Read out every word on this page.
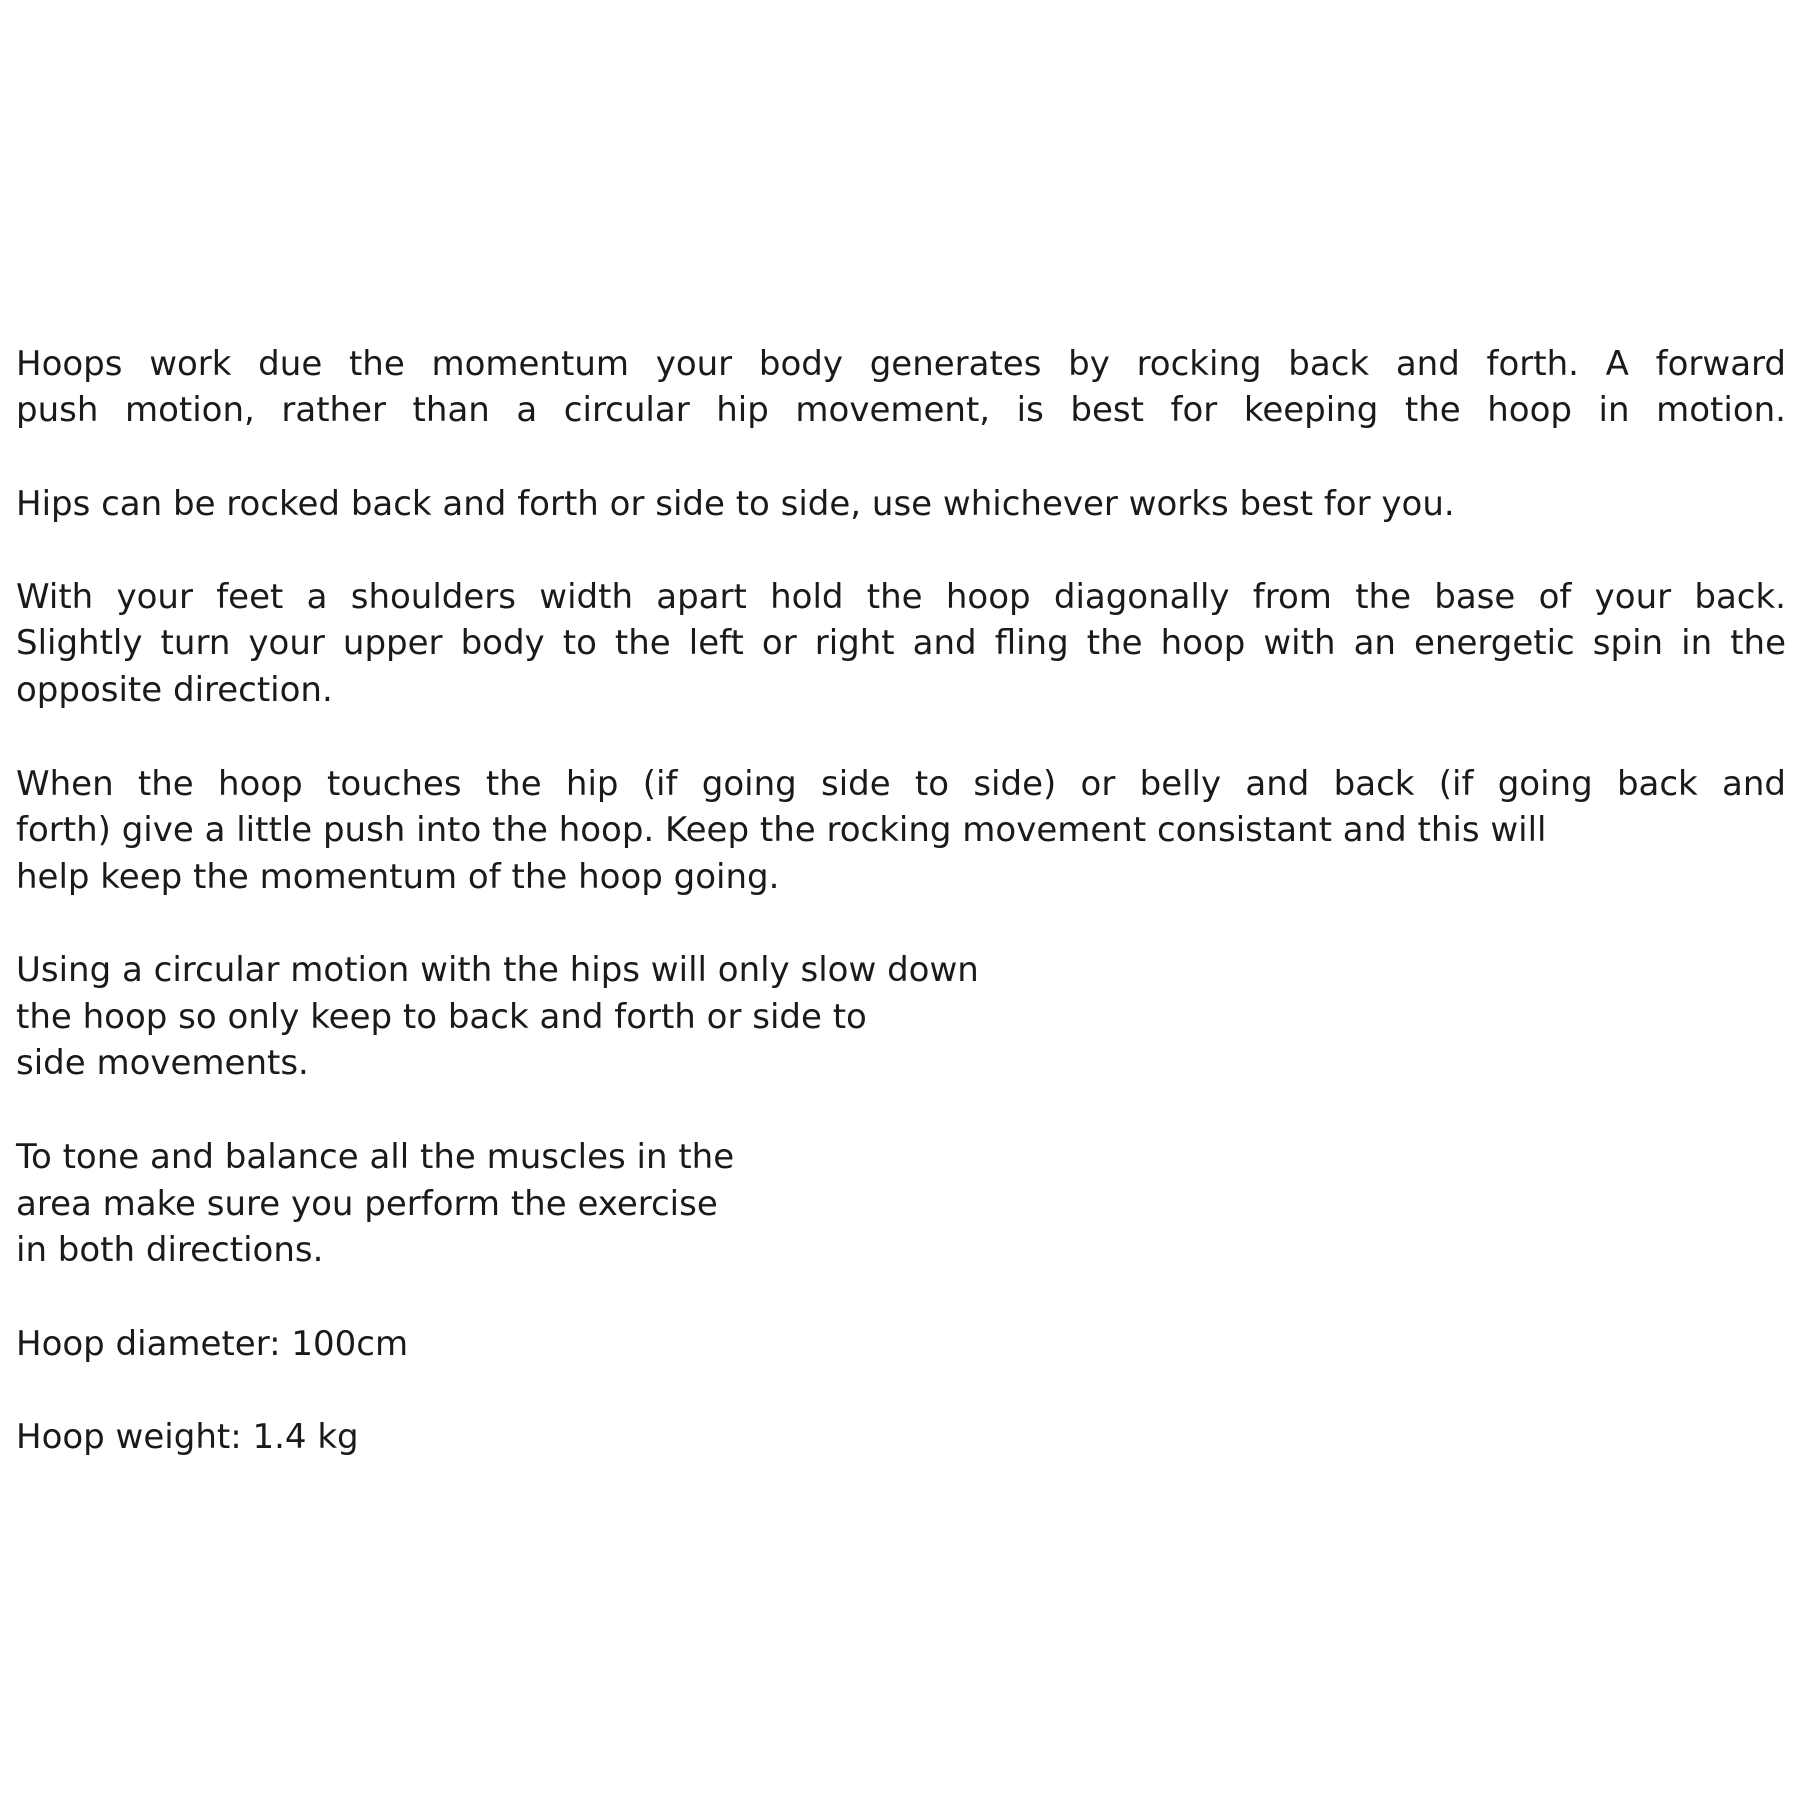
Hoops work due the momentum your body generates by rocking back and forth. A forward

push motion, rather than a circular hip movement, is best for keeping the hoop in motion.

Hips can be rocked back and forth or side to side, use whichever works best for you.

With your feet a shoulders width apart hold the hoop diagonally from the base of your back.

Slightly turn your upper body to the left or right and fling the hoop with an energetic spin in the

opposite direction.

When the hoop touches the hip (if going side to side) or belly and back (if going back and

forth) give a little push into the hoop. Keep the rocking movement consistant and this will

help keep the momentum of the hoop going.

Using a circular motion with the hips will only slow down

the hoop so only keep to back and forth or side to

side movements.

To tone and balance all the muscles in the

area make sure you perform the exercise

in both directions.

Hoop diameter: 100cm

Hoop weight: 1.4 kg
